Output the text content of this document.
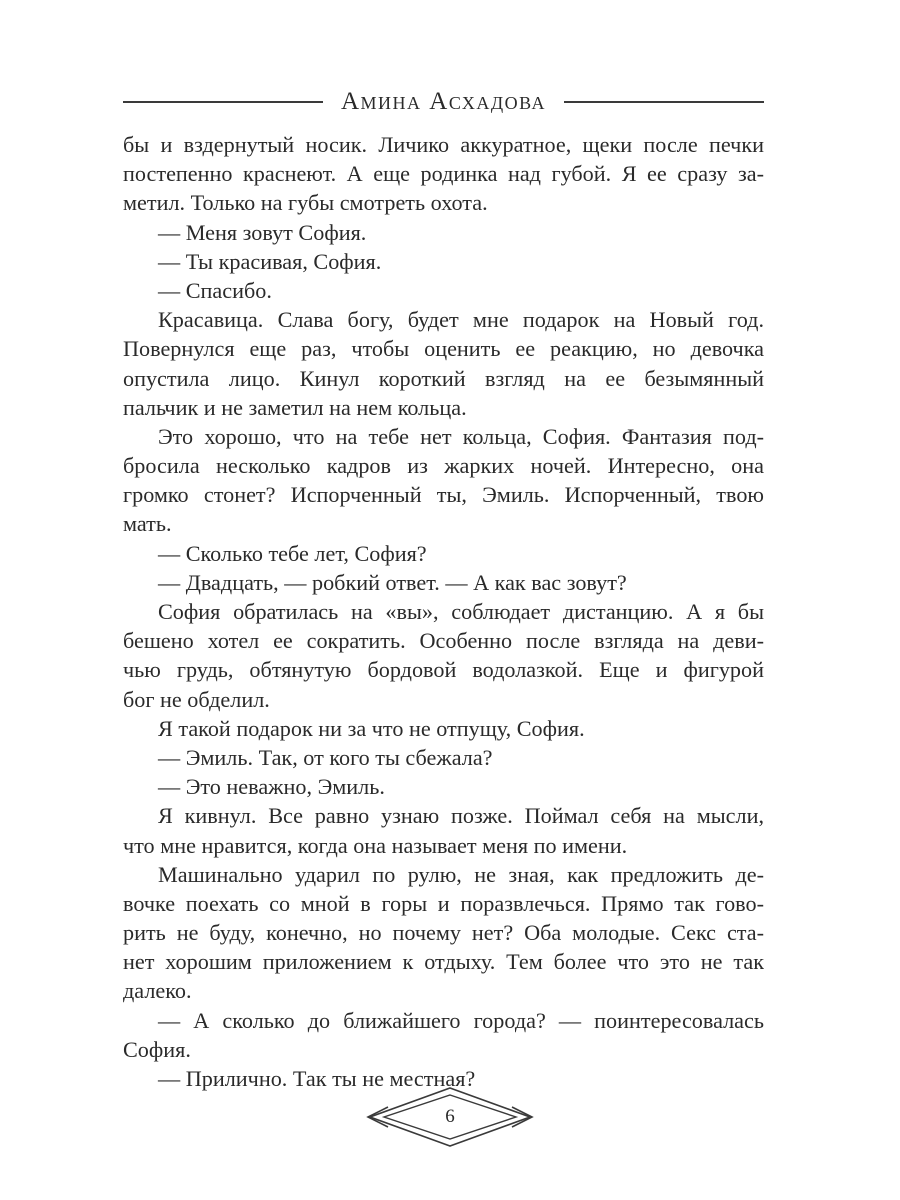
Амина Асхадова
бы и вздернутый носик. Личико аккуратное, щеки после печки
постепенно краснеют. А еще родинка над губой. Я ее сразу за-
метил. Только на губы смотреть охота.
— Меня зовут София.
— Ты красивая, София.
— Спасибо.
Красавица. Слава богу, будет мне подарок на Новый год.
Повернулся еще раз, чтобы оценить ее реакцию, но девочка
опустила лицо. Кинул короткий взгляд на ее безымянный
пальчик и не заметил на нем кольца.
Это хорошо, что на тебе нет кольца, София. Фантазия под-
бросила несколько кадров из жарких ночей. Интересно, она
громко стонет? Испорченный ты, Эмиль. Испорченный, твою
мать.
— Сколько тебе лет, София?
— Двадцать, — робкий ответ. — А как вас зовут?
София обратилась на «вы», соблюдает дистанцию. А я бы
бешено хотел ее сократить. Особенно после взгляда на деви-
чью грудь, обтянутую бордовой водолазкой. Еще и фигурой
бог не обделил.
Я такой подарок ни за что не отпущу, София.
— Эмиль. Так, от кого ты сбежала?
— Это неважно, Эмиль.
Я кивнул. Все равно узнаю позже. Поймал себя на мысли,
что мне нравится, когда она называет меня по имени.
Машинально ударил по рулю, не зная, как предложить де-
вочке поехать со мной в горы и поразвлечься. Прямо так гово-
рить не буду, конечно, но почему нет? Оба молодые. Секс ста-
нет хорошим приложением к отдыху. Тем более что это не так
далеко.
— А сколько до ближайшего города? — поинтересовалась
София.
— Прилично. Так ты не местная?
6
